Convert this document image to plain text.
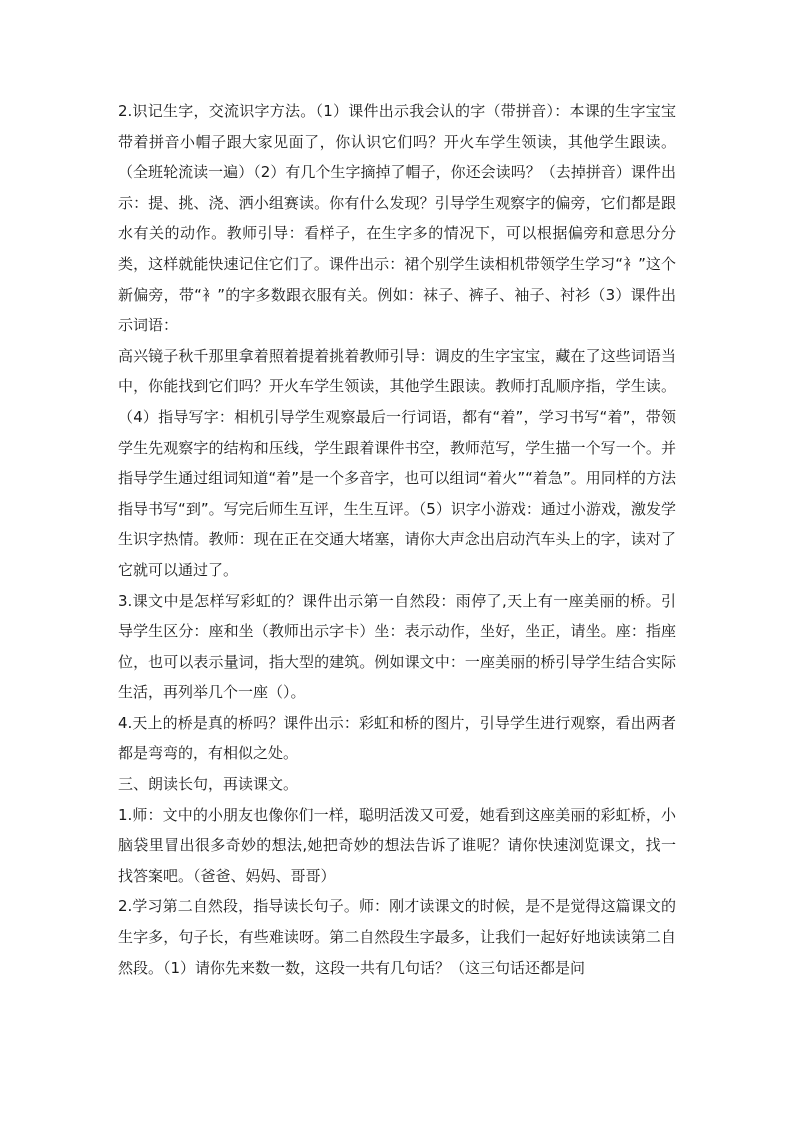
2.识记生字，交流识字方法。（1）课件出示我会认的字（带拼音）：本课的生字宝宝带着拼音小帽子跟大家见面了，你认识它们吗？开火车学生领读，其他学生跟读。（全班轮流读一遍）（2）有几个生字摘掉了帽子，你还会读吗？（去掉拼音）课件出示：提、挑、浇、洒小组赛读。你有什么发现？引导学生观察字的偏旁，它们都是跟水有关的动作。教师引导：看样子，在生字多的情况下，可以根据偏旁和意思分分类，这样就能快速记住它们了。课件出示：裙个别学生读相机带领学生学习“衤”这个新偏旁，带“衤”的字多数跟衣服有关。例如：袜子、裤子、袖子、衬衫（3）课件出示词语：

高兴镜子秋千那里拿着照着提着挑着教师引导：调皮的生字宝宝，藏在了这些词语当中，你能找到它们吗？开火车学生领读，其他学生跟读。教师打乱顺序指，学生读。（4）指导写字：相机引导学生观察最后一行词语，都有“着”，学习书写“着”，带领学生先观察字的结构和压线，学生跟着课件书空，教师范写，学生描一个写一个。并指导学生通过组词知道“着”是一个多音字，也可以组词“着火”“着急”。用同样的方法指导书写“到”。写完后师生互评，生生互评。（5）识字小游戏：通过小游戏，激发学生识字热情。教师：现在正在交通大堵塞，请你大声念出启动汽车头上的字，读对了它就可以通过了。

3.课文中是怎样写彩虹的？课件出示第一自然段：雨停了,天上有一座美丽的桥。引导学生区分：座和坐（教师出示字卡）坐：表示动作，坐好，坐正，请坐。座：指座位，也可以表示量词，指大型的建筑。例如课文中：一座美丽的桥引导学生结合实际生活，再列举几个一座（）。

4.天上的桥是真的桥吗？课件出示：彩虹和桥的图片，引导学生进行观察，看出两者都是弯弯的，有相似之处。

三、朗读长句，再读课文。

1.师：文中的小朋友也像你们一样，聪明活泼又可爱，她看到这座美丽的彩虹桥，小脑袋里冒出很多奇妙的想法,她把奇妙的想法告诉了谁呢？请你快速浏览课文，找一找答案吧。（爸爸、妈妈、哥哥）

2.学习第二自然段，指导读长句子。师：刚才读课文的时候，是不是觉得这篇课文的生字多，句子长，有些难读呀。第二自然段生字最多，让我们一起好好地读读第二自然段。（1）请你先来数一数，这段一共有几句话？（这三句话还都是问
